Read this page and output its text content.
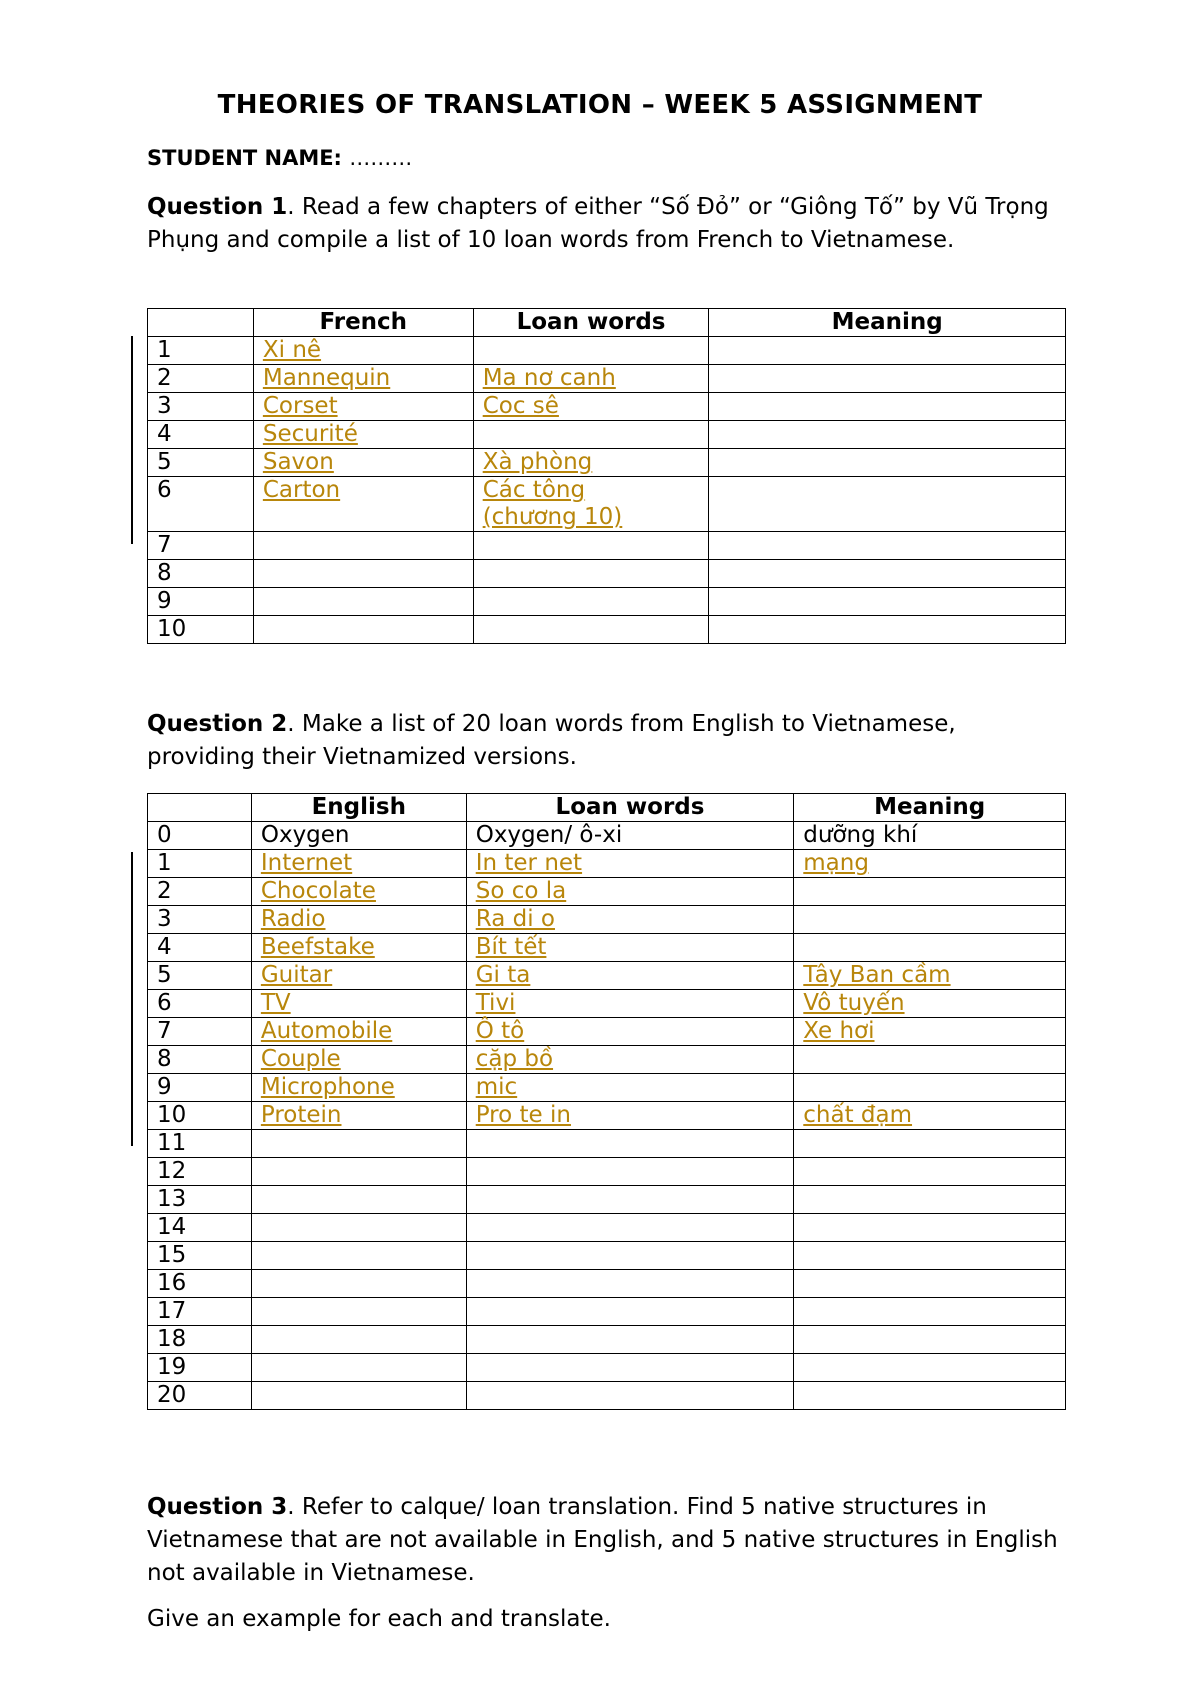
THEORIES OF TRANSLATION – WEEK 5 ASSIGNMENT
STUDENT NAME: ………
Question 1. Read a few chapters of either “Số Đỏ” or “Giông Tố” by Vũ Trọng Phụng and compile a list of 10 loan words from French to Vietnamese.
	French	Loan words	Meaning
1	Xi nê		
2	Mannequin	Ma nơ canh	
3	Corset	Coc sê	
4	Securité		
5	Savon	Xà phòng	
6	Carton	Các tông (chương 10)	
7			
8			
9			
10			
Question 2. Make a list of 20 loan words from English to Vietnamese, providing their Vietnamized versions.
	English	Loan words	Meaning
0	Oxygen	Oxygen/ ô-xi	dưỡng khí
1	Internet	In ter net	mạng
2	Chocolate	So co la	
3	Radio	Ra di o	
4	Beefstake	Bít tết	
5	Guitar	Gi ta	Tây Ban cầm
6	TV	Tivi	Vô tuyến
7	Automobile	Ô tô	Xe hơi
8	Couple	cặp bồ	
9	Microphone	mic	
10	Protein	Pro te in	chất đạm
11			
12			
13			
14			
15			
16			
17			
18			
19			
20			
Question 3. Refer to calque/ loan translation. Find 5 native structures in Vietnamese that are not available in English, and 5 native structures in English not available in Vietnamese.
Give an example for each and translate.
